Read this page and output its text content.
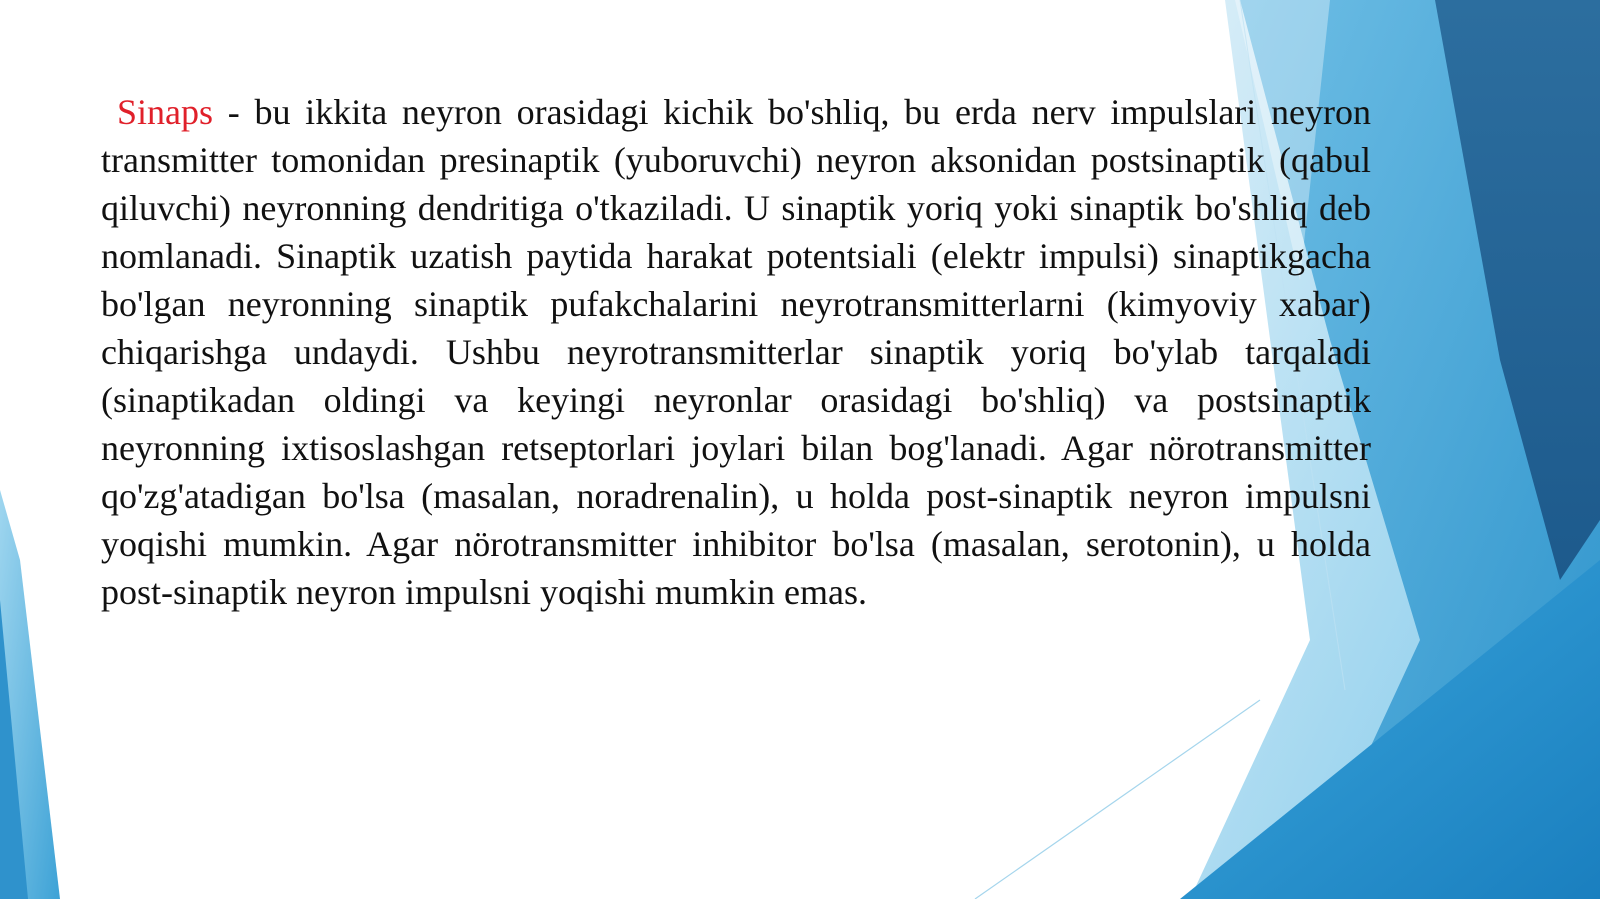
Sinaps - bu ikkita neyron orasidagi kichik bo'shliq, bu erda nerv impulslari neyron transmitter tomonidan presinaptik (yuboruvchi) neyron aksonidan postsinaptik (qabul qiluvchi) neyronning dendritiga o'tkaziladi. U sinaptik yoriq yoki sinaptik bo'shliq deb nomlanadi. Sinaptik uzatish paytida harakat potentsiali (elektr impulsi) sinaptikgacha bo'lgan neyronning sinaptik pufakchalarini neyrotransmitterlarni (kimyoviy xabar) chiqarishga undaydi. Ushbu neyrotransmitterlar sinaptik yoriq bo'ylab tarqaladi (sinaptikadan oldingi va keyingi neyronlar orasidagi bo'shliq) va postsinaptik neyronning ixtisoslashgan retseptorlari joylari bilan bog'lanadi. Agar nörotransmitter qo'zg'atadigan bo'lsa (masalan, noradrenalin), u holda post-sinaptik neyron impulsni yoqishi mumkin. Agar nörotransmitter inhibitor bo'lsa (masalan, serotonin), u holda post-sinaptik neyron impulsni yoqishi mumkin emas.
